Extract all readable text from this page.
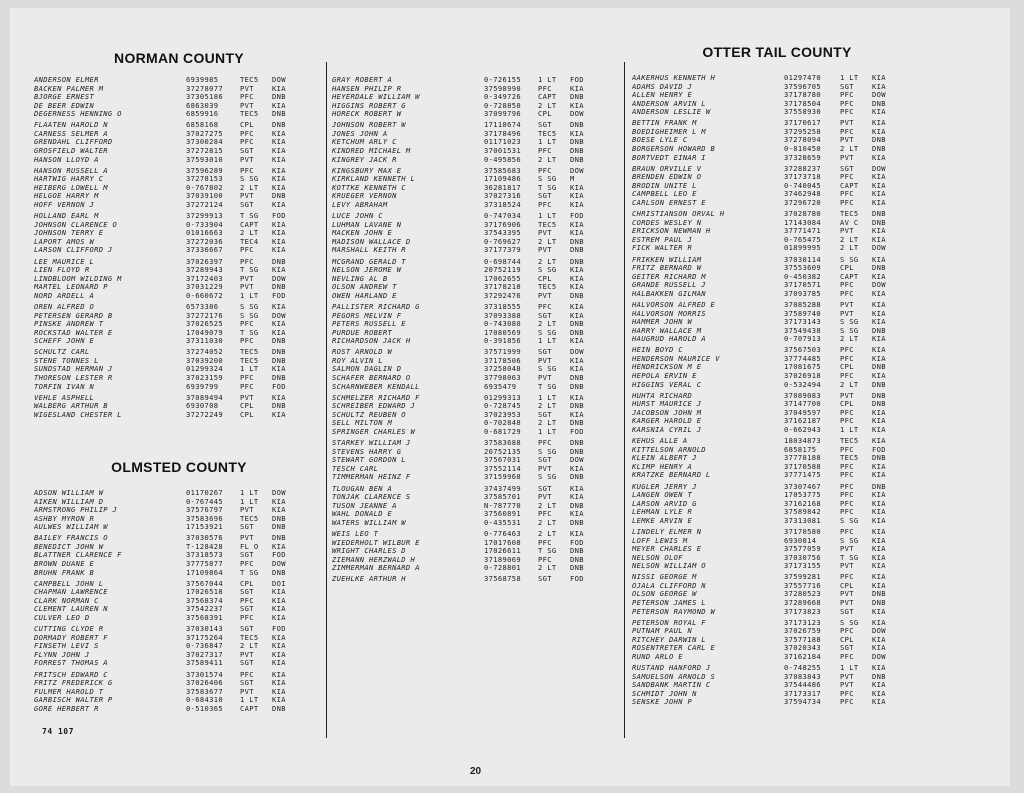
NORMAN COUNTY
ANDERSON ELMER	6939985	TEC5	DOW
BACKEN PALMER M	37278077	PVT	KIA
BJORGE ERNEST	37305186	PFC	DNB
DE BEER EDWIN	6863039	PVT	KIA
DEGERNESS HENNING O	6859916	TEC5	DNB
FLAATEN HAROLD N	6858168	CPL	DNB
CARNESS SELMER A	37027275	PFC	KIA
GRENDAHL CLIFFORD	37300284	PFC	KIA
GROSFIELD WALTER	37272815	SGT	KIA
HANSON LLOYD A	37593010	PVT	KIA
HANSON RUSSELL A	37596289	PFC	KIA
HARTWIG HARRY C	37278153	S SG	KIA
HEIBERG LOWELL M	0-767802	2 LT	KIA
HELGOE HARRY M	37039100	PVT	DNB
HOFF VERNON J	37272124	SGT	KIA
HOLLAND EARL M	37299913	T SG	FOD
JOHNSON CLARENCE O	0-733904	CAPT	KIA
JOHNSON TERRY E	01016663	2 LT	KIA
LAPORT AMOS W	37272036	TEC4	KIA
LARSON CLIFFORD J	37336667	PFC	KIA
LEE MAURICE L	37026397	PFC	DNB
LIEN FLOYD R	37289943	T SG	KIA
LINDBLOOM WILDING M	37172403	PVT	DOW
MARTEL LEONARD P	37031229	PVT	DNB
NORD ARDELL A	0-660672	1 LT	FOD
OREN ALFRED O	6573386	S SG	KIA
PETERSEN GERARD B	37272176	S SG	DOW
PINSKE ANDREW T	37026525	PFC	KIA
ROCKSTAD WALTER E	17049079	T SG	KIA
SCHEFF JOHN E	37311030	PFC	DNB
SCHULTZ CARL	37274052	TEC5	DNB
STENE TONNES L	37039200	TEC5	DNB
SUNDSTAD HERMAN J	01299324	1 LT	KIA
THORESON LESTER R	37023159	PFC	DNB
TORFIN IVAN N	6939799	PFC	FOD
VEHLE ASPHELL	37089494	PVT	KIA
WALBERG ARTHUR B	6930708	CPL	DNB
WIGESLAND CHESTER L	37272249	CPL	KIA
OLMSTED COUNTY
ADSON WILLIAM W	01170267	1 LT	DOW
AIKEN WILLIAM D	0-767445	1 LT	KIA
ARMSTRONG PHILIP J	37576797	PVT	KIA
ASHBY MYRON R	37583696	TEC5	DNB
AULWES WILLIAM W	17153921	SGT	DNB
BAILEY FRANCIS O	37030576	PVT	DNB
BENEDICT JOHN W	T-128428	FL O	KIA
BLATTNER CLARENCE F	37318573	SGT	FOD
BROWN DUANE E	37775877	PFC	DOW
BRUHN FRANK B	17109864	T SG	DNB
CAMPBELL JOHN L	37567044	CPL	DOI
CHAPMAN LAWRENCE	17026518	SGT	KIA
CLARK NORMAN C	37568374	PFC	KIA
CLEMENT LAUREN N	37542237	SGT	KIA
CULVER LEO D	37568391	PFC	KIA
CUTTING CLYDE R	37030143	SGT	FOD
DORMADY ROBERT F	37175264	TEC5	KIA
FINSETH LEVI S	0-736847	2 LT	KIA
FLYNN JOHN J	37027317	PVT	KIA
FORREST THOMAS A	37589411	SGT	KIA
FRITSCH EDWARD C	37301574	PFC	KIA
FRITZ FREDERICK G	37026406	SGT	KIA
FULMER HAROLD T	37583677	PVT	KIA
GARBISCH WALTER P	0-684310	1 LT	KIA
GORE HERBERT R	0-510365	CAPT	DNB
GRAY ROBERT A	0-726155	1 LT	FOD
HANSEN PHILIP R	37598990	PFC	KIA
HEYERDALE WILLIAM W	0-349726	CAPT	DNB
HIGGINS ROBERT G	0-728850	2 LT	KIA
HORECK ROBERT W	37099796	CPL	DOW
JOHNSON ROBERT W	17118674	SGT	DNB
JONES JOHN A	37178496	TEC5	KIA
KETCHUM ARLY C	01171023	1 LT	DNB
KINDRED MICHAEL M	37001531	PFC	DNB
KINGREY JACK R	0-495856	2 LT	DNB
KINGSBURY MAX E	37585683	PFC	DOW
KIRKLAND KENNETH L	17109486	S SG	M
KOTTKE KENNETH C	36281817	T SG	KIA
KRUEGER VERNON	37027316	SGT	KIA
LEVY ABRAHAM	37318524	PFC	KIA
LUCE JOHN C	0-747034	1 LT	FOD
LUHMAN LAVANE N	37176906	TEC5	KIA
MACKEN JOHN E	37543395	PVT	KIA
MADISON WALLACE D	0-769627	2 LT	DNB
MARSHALL KEITH R	37177379	PVT	DNB
MCGRAND GERALD T	0-698744	2 LT	DNB
NELSON JEROME W	20752119	S SG	KIA
NEVLING AL B	17062655	CPL	KIA
OLSON ANDREW T	37178218	TEC5	KIA
OWEN HARLAND E	37292476	PVT	DNB
PALLISTER RICHARD G	37318555	PFC	KIA
PEGORS MELVIN F	37093388	SGT	KIA
PETERS RUSSELL E	0-743080	2 LT	DNB
PURDUE ROBERT	17080569	S SG	DNB
RICHARDSON JACK H	0-391856	1 LT	KIA
ROST ARNOLD W	37571999	SGT	DOW
ROY ALVIN L	37178506	PVT	KIA
SALMON DAGLIN D	37258048	S SG	KIA
SCHAFER BERNARD O	37798063	PVT	DNB
SCHARNWEBER KENDALL	6935479	T SG	DNB
SCHMELZER RICHARD F	01299313	1 LT	KIA
SCHREIBER EDWARD J	0-728745	2 LT	DNB
SCHULTZ REUBEN O	37023953	SGT	KIA
SELL MILTON M	0-702848	2 LT	DNB
SPRINGER CHARLES W	0-681729	1 LT	FOD
STARKEY WILLIAM J	37583688	PFC	DNB
STEVENS HARRY G	20752135	S SG	DNB
STEWART GORDON L	37567031	SGT	DOW
TESCH CARL	37552114	PVT	KIA
TIMMERMAN HEINZ F	37159968	S SG	DNB
TLOUGAN BEN A	37437499	SGT	KIA
TONJAK CLARENCE S	37585701	PVT	KIA
TUSON JEANNE A	N-787770	2 LT	DNB
WAHL DONALD E	37560891	PFC	KIA
WATERS WILLIAM W	0-435531	2 LT	DNB
WEIS LEO T	0-776463	2 LT	KIA
WIEDERHOLT WILBUR E	17017608	PFC	FOD
WRIGHT CHARLES D	17026611	T SG	DNB
ZIEMANN HERZWALD H	37189069	PFC	DNB
ZIMMERMAN BERNARD A	0-728801	2 LT	DNB
ZUEHLKE ARTHUR H	37568758	SGT	FOD
OTTER TAIL COUNTY
AAKERHUS KENNETH H	01297470	1 LT	KIA
ADAMS DAVID J	37596705	SGT	KIA
ALLEN HENRY E	37178780	PFC	DOW
ANDERSON ARVIN L	37178504	PFC	DNB
ANDERSON LESLIE W	37558930	PFC	KIA
BETTIN FRANK M	37170617	PVT	KIA
BOEDIGHEIMER L M	37295258	PFC	KIA
BOESE LYLE C	37278094	PVT	DNB
BORGERSON HOWARD B	0-810450	2 LT	DNB
BORTVEDT EINAR I	37328659	PVT	KIA
BRAUN ORVILLE V	37288237	SGT	DOW
BRENDEN EDWIN O	37173718	PFC	KIA
BRODIN UNITE L	0-740045	CAPT	KIA
CAMPBELL LEO E	37462948	PFC	KIA
CARLSON ERNEST E	37296720	PFC	KIA
CHRISTIANSON ORVAL H	37028780	TEC5	DNB
CORDES WESLEY N	17143084	AV C	DNB
ERICKSON NEWMAN H	37771471	PVT	KIA
ESTREM PAUL J	0-765475	2 LT	KIA
FICK WALTER R	01899995	2 LT	DOW
FRIKKEN WILLIAM	37030114	S SG	KIA
FRITZ BERNARD W	37553609	CPL	DNB
GEITER RICHARD M	0-450382	CAPT	KIA
GRANDE RUSSELL J	37170571	PFC	DOW
HALBAKKEN GILMAN	37093785	PFC	KIA
HALVORSON ALFRED E	37085288	PVT	KIA
HALVORSON MORRIS	37589740	PVT	KIA
HAMMER JOHN W	37173143	S SG	KIA
HARRY WALLACE M	37549438	S SG	DNB
HAUGRUD HAROLD A	0-707913	2 LT	KIA
HEIN BOYD C	37567503	PFC	KIA
HENDERSON MAURICE V	37774485	PFC	KIA
HENDRICKSON M E	17081675	CPL	DNB
HEPOLA ERVIN E	37026918	PFC	KIA
HIGGINS VERAL C	0-532494	2 LT	DNB
HUHTA RICHARD	37089083	PVT	DNB
HURST MAURICE J	37147700	CPL	DNB
JACOBSON JOHN M	37049597	PFC	KIA
KARGER HAROLD E	37162187	PFC	KIA
KARSNIA CYRIL J	0-662943	1 LT	KIA
KEHUS ALLE A	18034873	TEC5	KIA
KITTELSON ARNOLD	6858175	PFC	FOD
KLEIN ALBERT J	37778188	TEC5	DNB
KLIMP HENRY A	37170588	PFC	KIA
KRATZKE BERNARD L	37771475	PFC	KIA
KUGLER JERRY J	37307467	PFC	DNB
LANGEN OWEN T	17053775	PFC	KIA
LARSON ARVID G	37162168	PFC	KIA
LEHMAN LYLE R	37589842	PFC	KIA
LEMKE ARVIN E	37313081	S SG	KIA
LINDELY ELMER N	37170580	PFC	KIA
LOFF LEWIS M	6930814	S SG	KIA
MEYER CHARLES E	37577059	PVT	KIA
NELSON OLOF	37030756	T SG	KIA
NELSON WILLIAM O	37173155	PVT	KIA
NISSI GEORGE M	37599281	PFC	KIA
OJALA CLIFFORD N	37557716	CPL	KIA
OLSON GEORGE W	37280523	PVT	DNB
PETERSON JAMES L	37289668	PVT	DNB
PETERSON RAYMOND W	37173823	SGT	KIA
PETERSON ROYAL F	37173123	S SG	KIA
PUTNAM PAUL N	37026759	PFC	DOW
RITCHEY DARWIN L	37577188	CPL	KIA
ROSENTRETER CARL E	37020343	SGT	KIA
RUND ARLO E	37162184	PFC	DOW
RUSTAND HANFORD J	0-748255	1 LT	KIA
SAMUELSON ARNOLD S	37083843	PVT	DNB
SANDBANK MARTIN C	37544486	PVT	KIA
SCHMIDT JOHN N	37173317	PFC	KIA
SENSKE JOHN P	37594734	PFC	KIA
74 107
20
